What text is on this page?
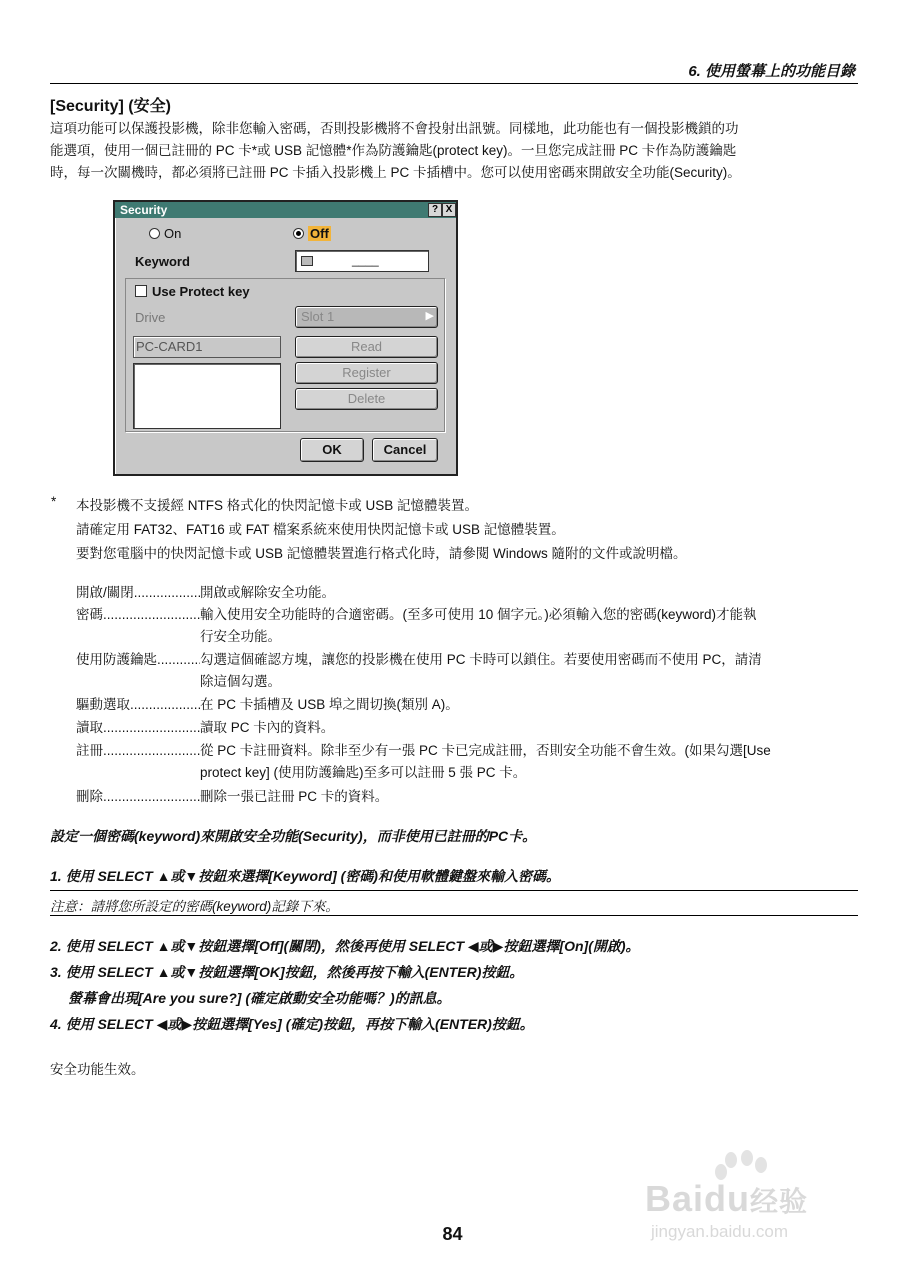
6. 使用螢幕上的功能目錄
[Security] (安全)
這項功能可以保護投影機，除非您輸入密碼，否則投影機將不會投射出訊號。同樣地，此功能也有一個投影機鎖的功
能選項，使用一個已註冊的 PC 卡*或 USB 記憶體*作為防護鑰匙(protect key)。一旦您完成註冊 PC 卡作為防護鑰匙
時，每一次關機時，都必須將已註冊 PC 卡插入投影機上 PC 卡插槽中。您可以使用密碼來開啟安全功能(Security)。
Security	? X
On	Off
Keyword	____
Use Protect key
Drive	Slot 1	▶
PC-CARD1	Read
Register
Delete
OK	Cancel
* 本投影機不支援經 NTFS 格式化的快閃記憶卡或 USB 記憶體裝置。
請確定用 FAT32、FAT16 或 FAT 檔案系統來使用快閃記憶卡或 USB 記憶體裝置。
要對您電腦中的快閃記憶卡或 USB 記憶體裝置進行格式化時，請參閱 Windows 隨附的文件或說明檔。
開啟/關閉 .....	開啟或解除安全功能。
密碼 .....	輸入使用安全功能時的合適密碼。(至多可使用 10 個字元。)必須輸入您的密碼(keyword)才能執
行安全功能。
使用防護鑰匙 .....	勾選這個確認方塊，讓您的投影機在使用 PC 卡時可以鎖住。若要使用密碼而不使用 PC，請清
除這個勾選。
驅動選取 .....	在 PC 卡插槽及 USB 埠之間切換(類別 A)。
讀取 .....	讀取 PC 卡內的資料。
註冊 .....	從 PC 卡註冊資料。除非至少有一張 PC 卡已完成註冊，否則安全功能不會生效。(如果勾選[Use
protect key] (使用防護鑰匙)至多可以註冊 5 張 PC 卡。
刪除 .....	刪除一張已註冊 PC 卡的資料。
設定一個密碼(keyword)來開啟安全功能(Security)，而非使用已註冊的PC卡。
1. 使用 SELECT ▲或▼按鈕來選擇[Keyword] (密碼)和使用軟體鍵盤來輸入密碼。
注意：請將您所設定的密碼(keyword)記錄下來。
2. 使用 SELECT ▲或▼按鈕選擇[Off](關閉)，然後再使用 SELECT ◀或▶按鈕選擇[On](開啟)。
3. 使用 SELECT ▲或▼按鈕選擇[OK]按鈕，然後再按下輸入(ENTER)按鈕。
螢幕會出現[Are you sure?] (確定啟動安全功能嗎？)的訊息。
4. 使用 SELECT ◀或▶按鈕選擇[Yes] (確定)按鈕，再按下輸入(ENTER)按鈕。
安全功能生效。
Baidu经验
jingyan.baidu.com
84
